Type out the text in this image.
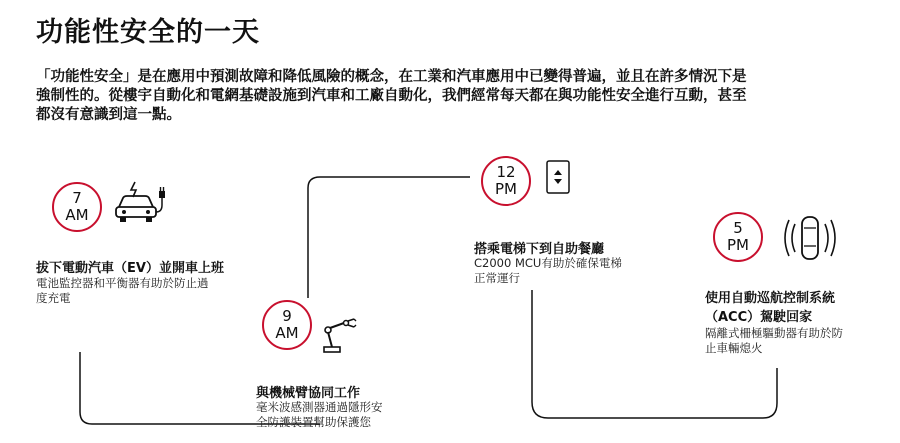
功能性安全的一天
「功能性安全」是在應用中預測故障和降低風險的概念，在工業和汽車應用中已變得普遍，並且在許多情況下是
強制性的。從樓宇自動化和電網基礎設施到汽車和工廠自動化，我們經常每天都在與功能性安全進行互動，甚至
都沒有意識到這一點。
7
AM
拔下電動汽車（EV）並開車上班
電池監控器和平衡器有助於防止過
度充電
9
AM
與機械臂協同工作
毫米波感測器通過隱形安
全防護裝置幫助保護您
12
PM
搭乘電梯下到自助餐廳
C2000 MCU有助於確保電梯
正常運行
5
PM
使用自動巡航控制系統
（ACC）駕駛回家
隔離式柵極驅動器有助於防
止車輛熄火
